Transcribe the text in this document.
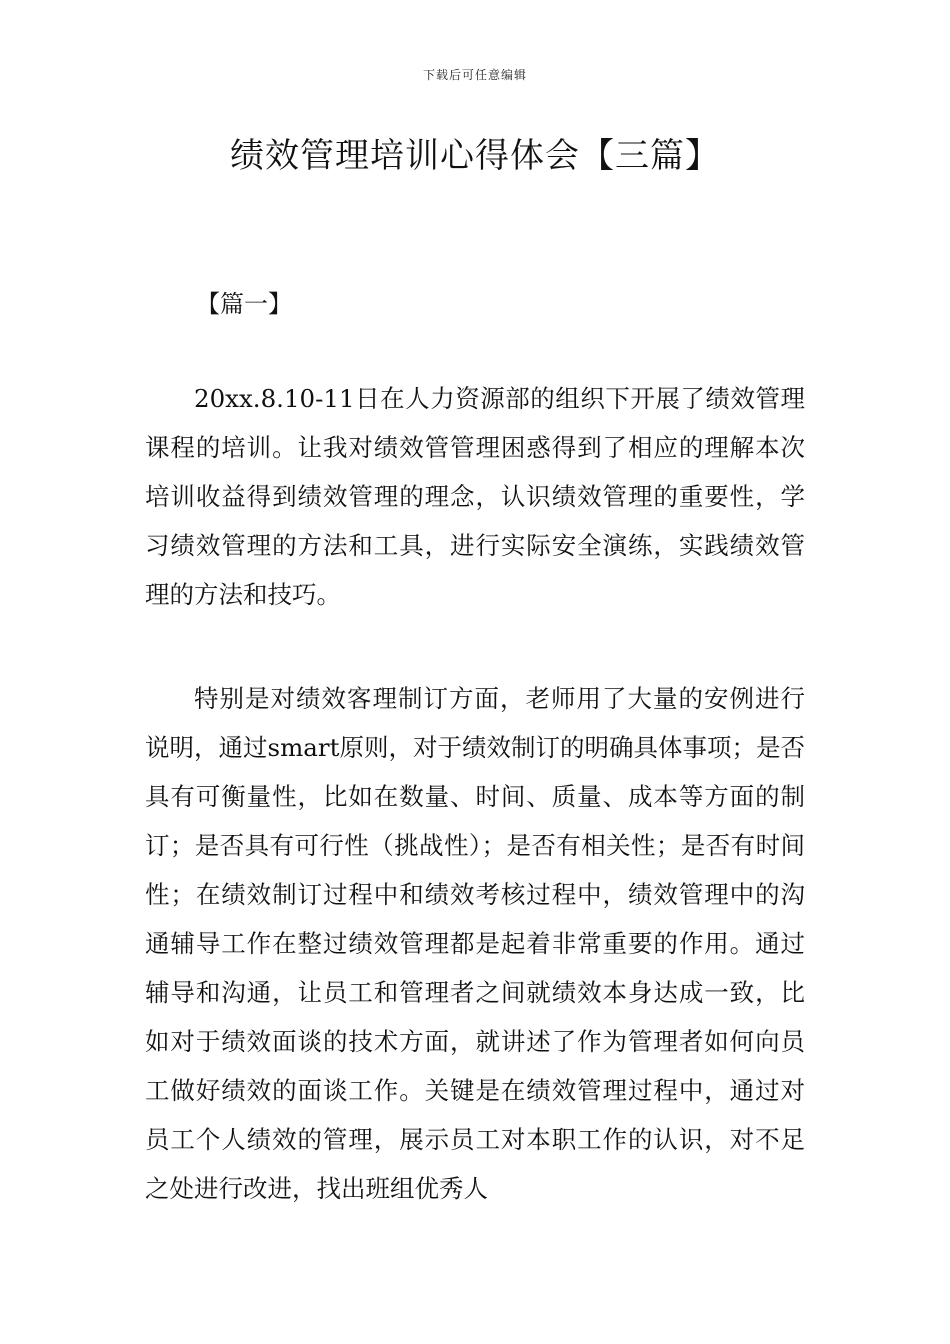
下载后可任意编辑
绩效管理培训心得体会【三篇】
【篇一】

20xx.8.10-11日在人力资源部的组织下开展了绩效管理课程的培训。让我对绩效管管理困惑得到了相应的理解本次培训收益得到绩效管理的理念，认识绩效管理的重要性，学习绩效管理的方法和工具，进行实际安全演练，实践绩效管理的方法和技巧。

特别是对绩效客理制订方面，老师用了大量的安例进行说明，通过smart原则，对于绩效制订的明确具体事项；是否具有可衡量性，比如在数量、时间、质量、成本等方面的制订；是否具有可行性（挑战性）；是否有相关性；是否有时间性；在绩效制订过程中和绩效考核过程中，绩效管理中的沟通辅导工作在整过绩效管理都是起着非常重要的作用。通过辅导和沟通，让员工和管理者之间就绩效本身达成一致，比如对于绩效面谈的技术方面，就讲述了作为管理者如何向员工做好绩效的面谈工作。关键是在绩效管理过程中，通过对员工个人绩效的管理，展示员工对本职工作的认识，对不足之处进行改进，找出班组优秀人
